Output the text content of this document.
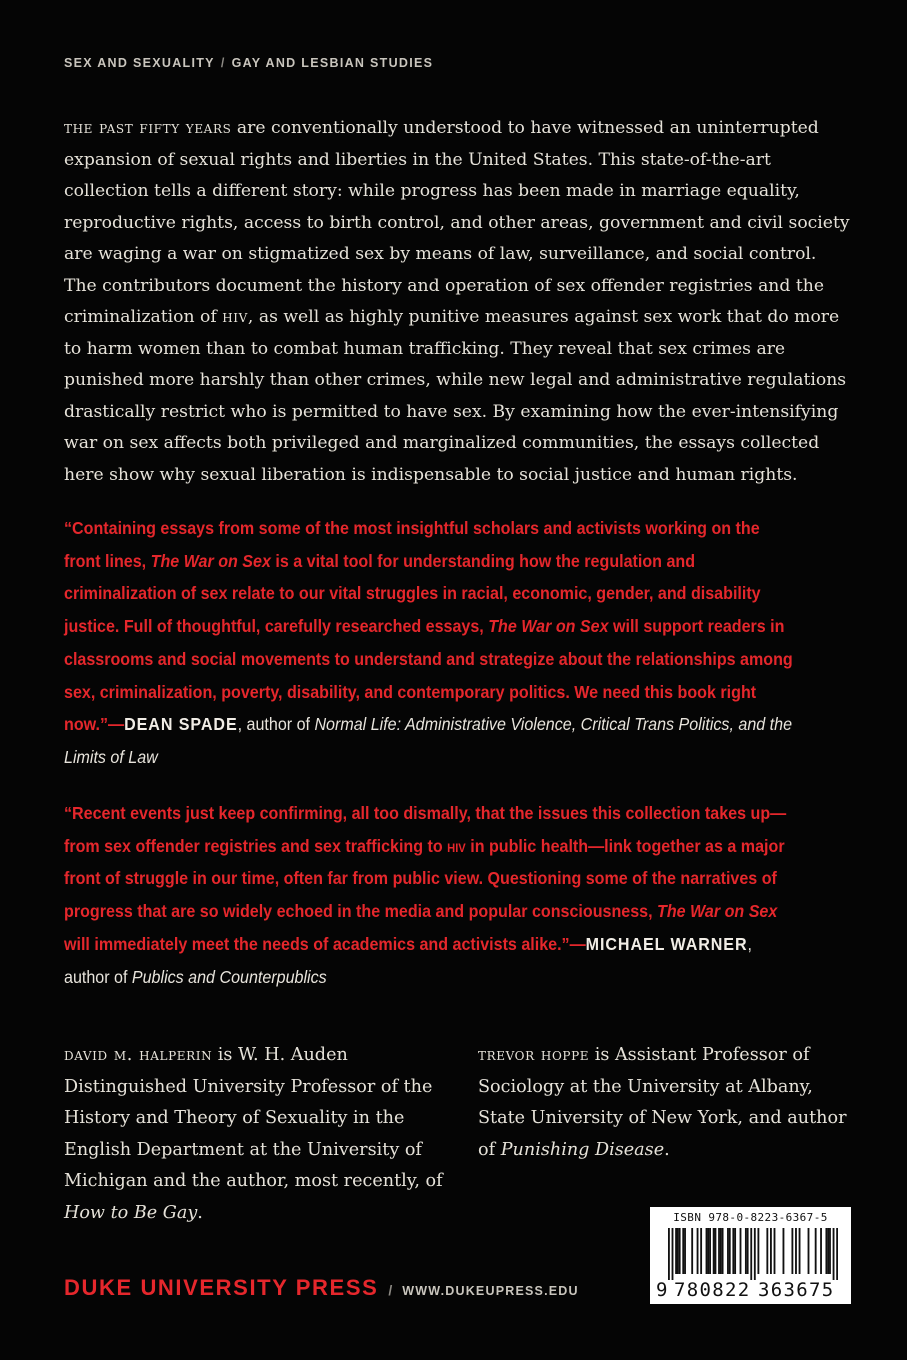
SEX AND SEXUALITY / GAY AND LESBIAN STUDIES

the past fifty years are conventionally understood to have witnessed an uninterrupted expansion of sexual rights and liberties in the United States. This state-of-the-art collection tells a different story: while progress has been made in marriage equality, reproductive rights, access to birth control, and other areas, government and civil society are waging a war on stigmatized sex by means of law, surveillance, and social control. The contributors document the history and operation of sex offender registries and the criminalization of hiv, as well as highly punitive measures against sex work that do more to harm women than to combat human trafficking. They reveal that sex crimes are punished more harshly than other crimes, while new legal and administrative regulations drastically restrict who is permitted to have sex. By examining how the ever-intensifying war on sex affects both privileged and marginalized communities, the essays collected here show why sexual liberation is indispensable to social justice and human rights.

“Containing essays from some of the most insightful scholars and activists working on the front lines, The War on Sex is a vital tool for understanding how the regulation and criminalization of sex relate to our vital struggles in racial, economic, gender, and disability justice. Full of thoughtful, carefully researched essays, The War on Sex will support readers in classrooms and social movements to understand and strategize about the relationships among sex, criminalization, poverty, disability, and contemporary politics. We need this book right now.”—DEAN SPADE, author of Normal Life: Administrative Violence, Critical Trans Politics, and the Limits of Law

“Recent events just keep confirming, all too dismally, that the issues this collection takes up—from sex offender registries and sex trafficking to hiv in public health—link together as a major front of struggle in our time, often far from public view. Questioning some of the narratives of progress that are so widely echoed in the media and popular consciousness, The War on Sex will immediately meet the needs of academics and activists alike.”—MICHAEL WARNER, author of Publics and Counterpublics

david m. halperin is W. H. Auden Distinguished University Professor of the History and Theory of Sexuality in the English Department at the University of Michigan and the author, most recently, of How to Be Gay.

trevor hoppe is Assistant Professor of Sociology at the University at Albany, State University of New York, and author of Punishing Disease.

DUKE UNIVERSITY PRESS / WWW.DUKEUPRESS.EDU
ISBN 978-0-8223-6367-5
9 780822 363675
